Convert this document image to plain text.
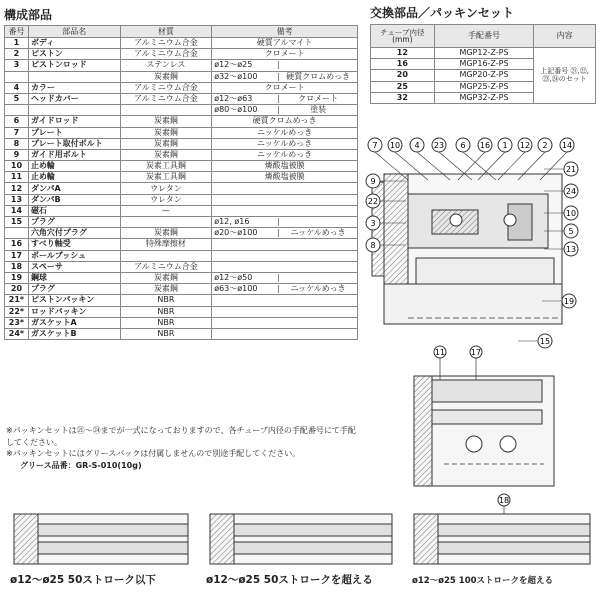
構成部品	交換部品／パッキンセット
番号	部品名	材質	備考
1	ボディ	アルミニウム合金	硬質アルマイト
2	ピストン	アルミニウム合金	クロメート
3	ピストンロッド	ステンレス	ø12～ø25

		炭素鋼	ø32～ø100 硬質クロムめっき

4	カラー	アルミニウム合金	クロメート
5	ヘッドカバー	アルミニウム合金	ø12～ø63 クロメート

			ø80～ø100 塗装

6	ガイドロッド	炭素鋼	硬質クロムめっき
7	プレート	炭素鋼	ニッケルめっき
8	プレート取付ボルト	炭素鋼	ニッケルめっき
9	ガイド用ボルト	炭素鋼	ニッケルめっき
10	止め輪	炭素工具鋼	燐酸塩被膜
11	止め輪	炭素工具鋼	燐酸塩被膜
12	ダンパA	ウレタン	
13	ダンパB	ウレタン	
14	磁石	—	
15	プラグ		ø12, ø16

	六角穴付プラグ	炭素鋼	ø20～ø100 ニッケルめっき

16	すべり軸受	特殊摩擦材	
17	ボールブッシュ		
18	スペーサ	アルミニウム合金	
19	鋼球	炭素鋼	ø12～ø50

20	プラグ	炭素鋼	ø63～ø100 ニッケルめっき

21*	ピストンパッキン	NBR	
22*	ロッドパッキン	NBR	
23*	ガスケットA	NBR	
24*	ガスケットB	NBR	
チューブ内径
(mm)	手配番号	内容
12	MGP12-Z-PS	上記番号 ㉑,㉒,㉓,㉔のセット
16	MGP16-Z-PS	
20	MGP20-Z-PS	
25	MGP25-Z-PS	
32	MGP32-Z-PS	
※パッキンセットは㉑～㉔までが一式になっておりますので、各チューブ内径の手配番号にて手配してください。
※パッキンセットにはグリースパックは付属しませんので別途手配してください。
グリース品番：GR-S-010(10g)
7 10 4 23 6 16 1 12 2 14
9
22
3
8
21
24
10
5
13
19
15
11	17
ø12～ø25 50ストローク以下	ø12～ø25 50ストロークを超える
18
ø12～ø25 100ストロークを超える
